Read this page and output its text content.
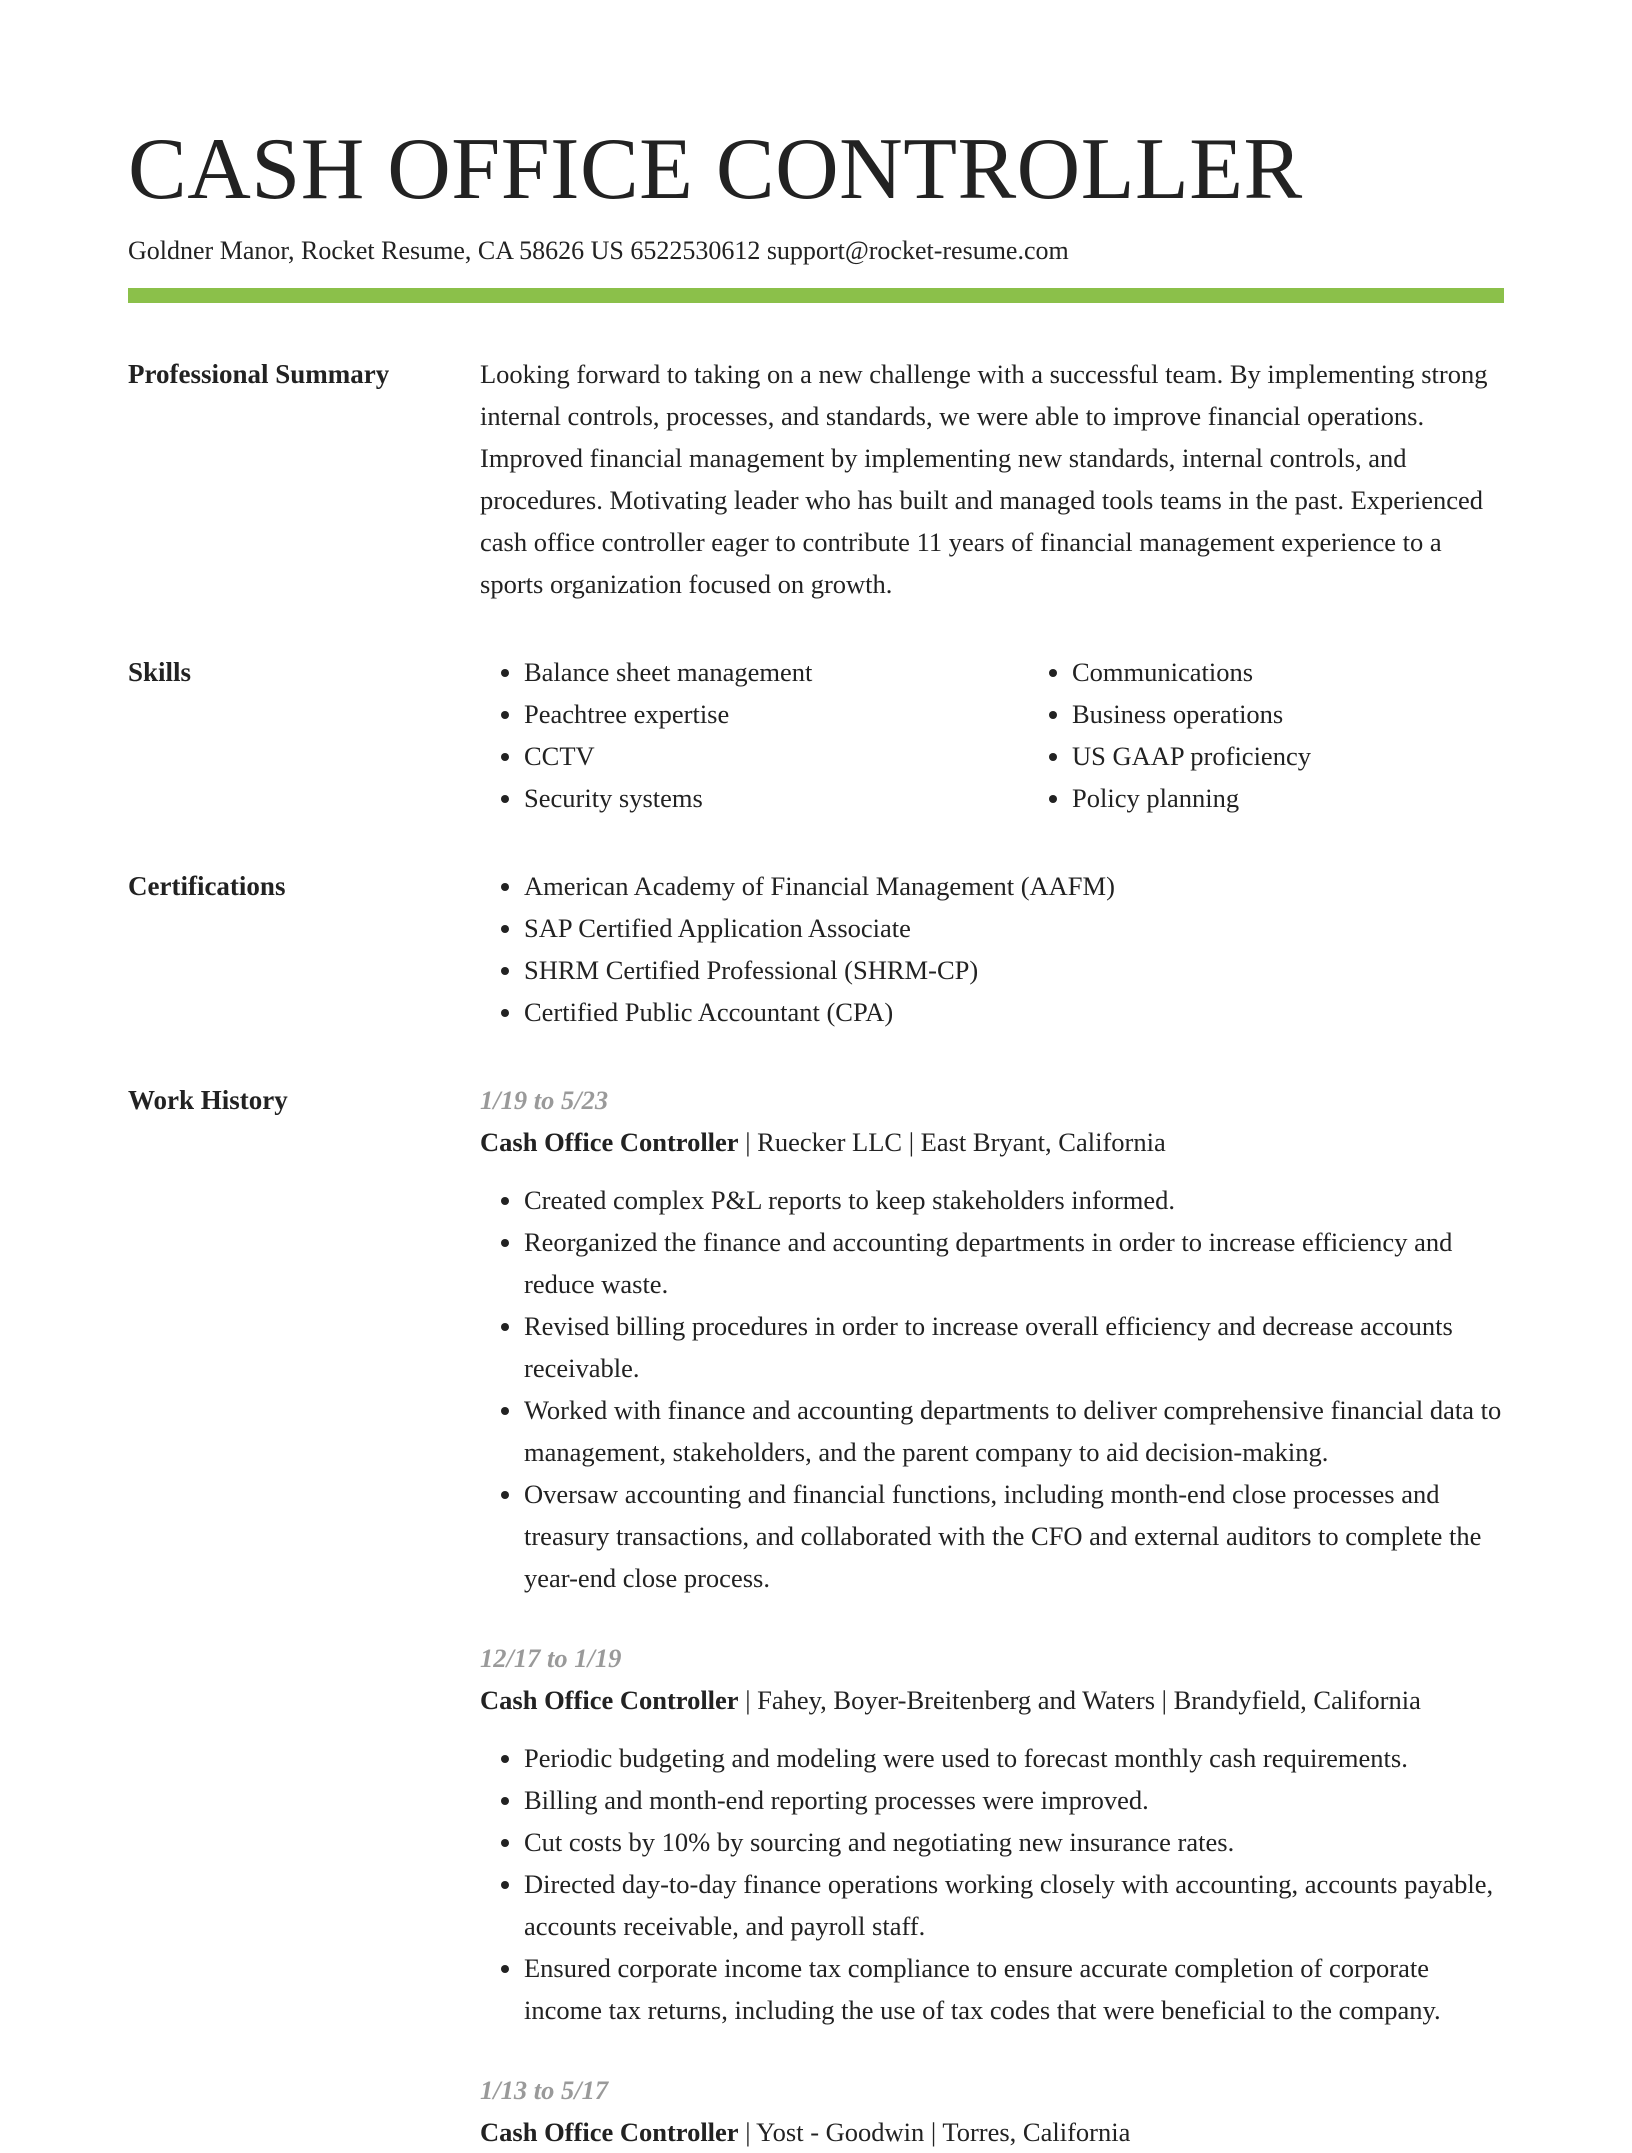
CASH OFFICE CONTROLLER
Goldner Manor, Rocket Resume, CA 58626 US 6522530612 support@rocket-resume.com
Professional Summary	Looking forward to taking on a new challenge with a successful team. By implementing strong internal controls, processes, and standards, we were able to improve financial operations. Improved financial management by implementing new standards, internal controls, and procedures. Motivating leader who has built and managed tools teams in the past. Experienced cash office controller eager to contribute 11 years of financial management experience to a sports organization focused on growth.

Skills	• Balance sheet management
• Peachtree expertise
• CCTV
• Security systems
• Communications
• Business operations
• US GAAP proficiency
• Policy planning
Certifications	• American Academy of Financial Management (AAFM)
• SAP Certified Application Associate
• SHRM Certified Professional (SHRM-CP)
• Certified Public Accountant (CPA)
Work History	1/19 to 5/23
Cash Office Controller | Ruecker LLC | East Bryant, California
• Created complex P&L reports to keep stakeholders informed.
• Reorganized the finance and accounting departments in order to increase efficiency and reduce waste.
• Revised billing procedures in order to increase overall efficiency and decrease accounts receivable.
• Worked with finance and accounting departments to deliver comprehensive financial data to management, stakeholders, and the parent company to aid decision-making.
• Oversaw accounting and financial functions, including month-end close processes and treasury transactions, and collaborated with the CFO and external auditors to complete the year-end close process.
12/17 to 1/19
Cash Office Controller | Fahey, Boyer-Breitenberg and Waters | Brandyfield, California
• Periodic budgeting and modeling were used to forecast monthly cash requirements.
• Billing and month-end reporting processes were improved.
• Cut costs by 10% by sourcing and negotiating new insurance rates.
• Directed day-to-day finance operations working closely with accounting, accounts payable, accounts receivable, and payroll staff.
• Ensured corporate income tax compliance to ensure accurate completion of corporate income tax returns, including the use of tax codes that were beneficial to the company.
1/13 to 5/17
Cash Office Controller | Yost - Goodwin | Torres, California
